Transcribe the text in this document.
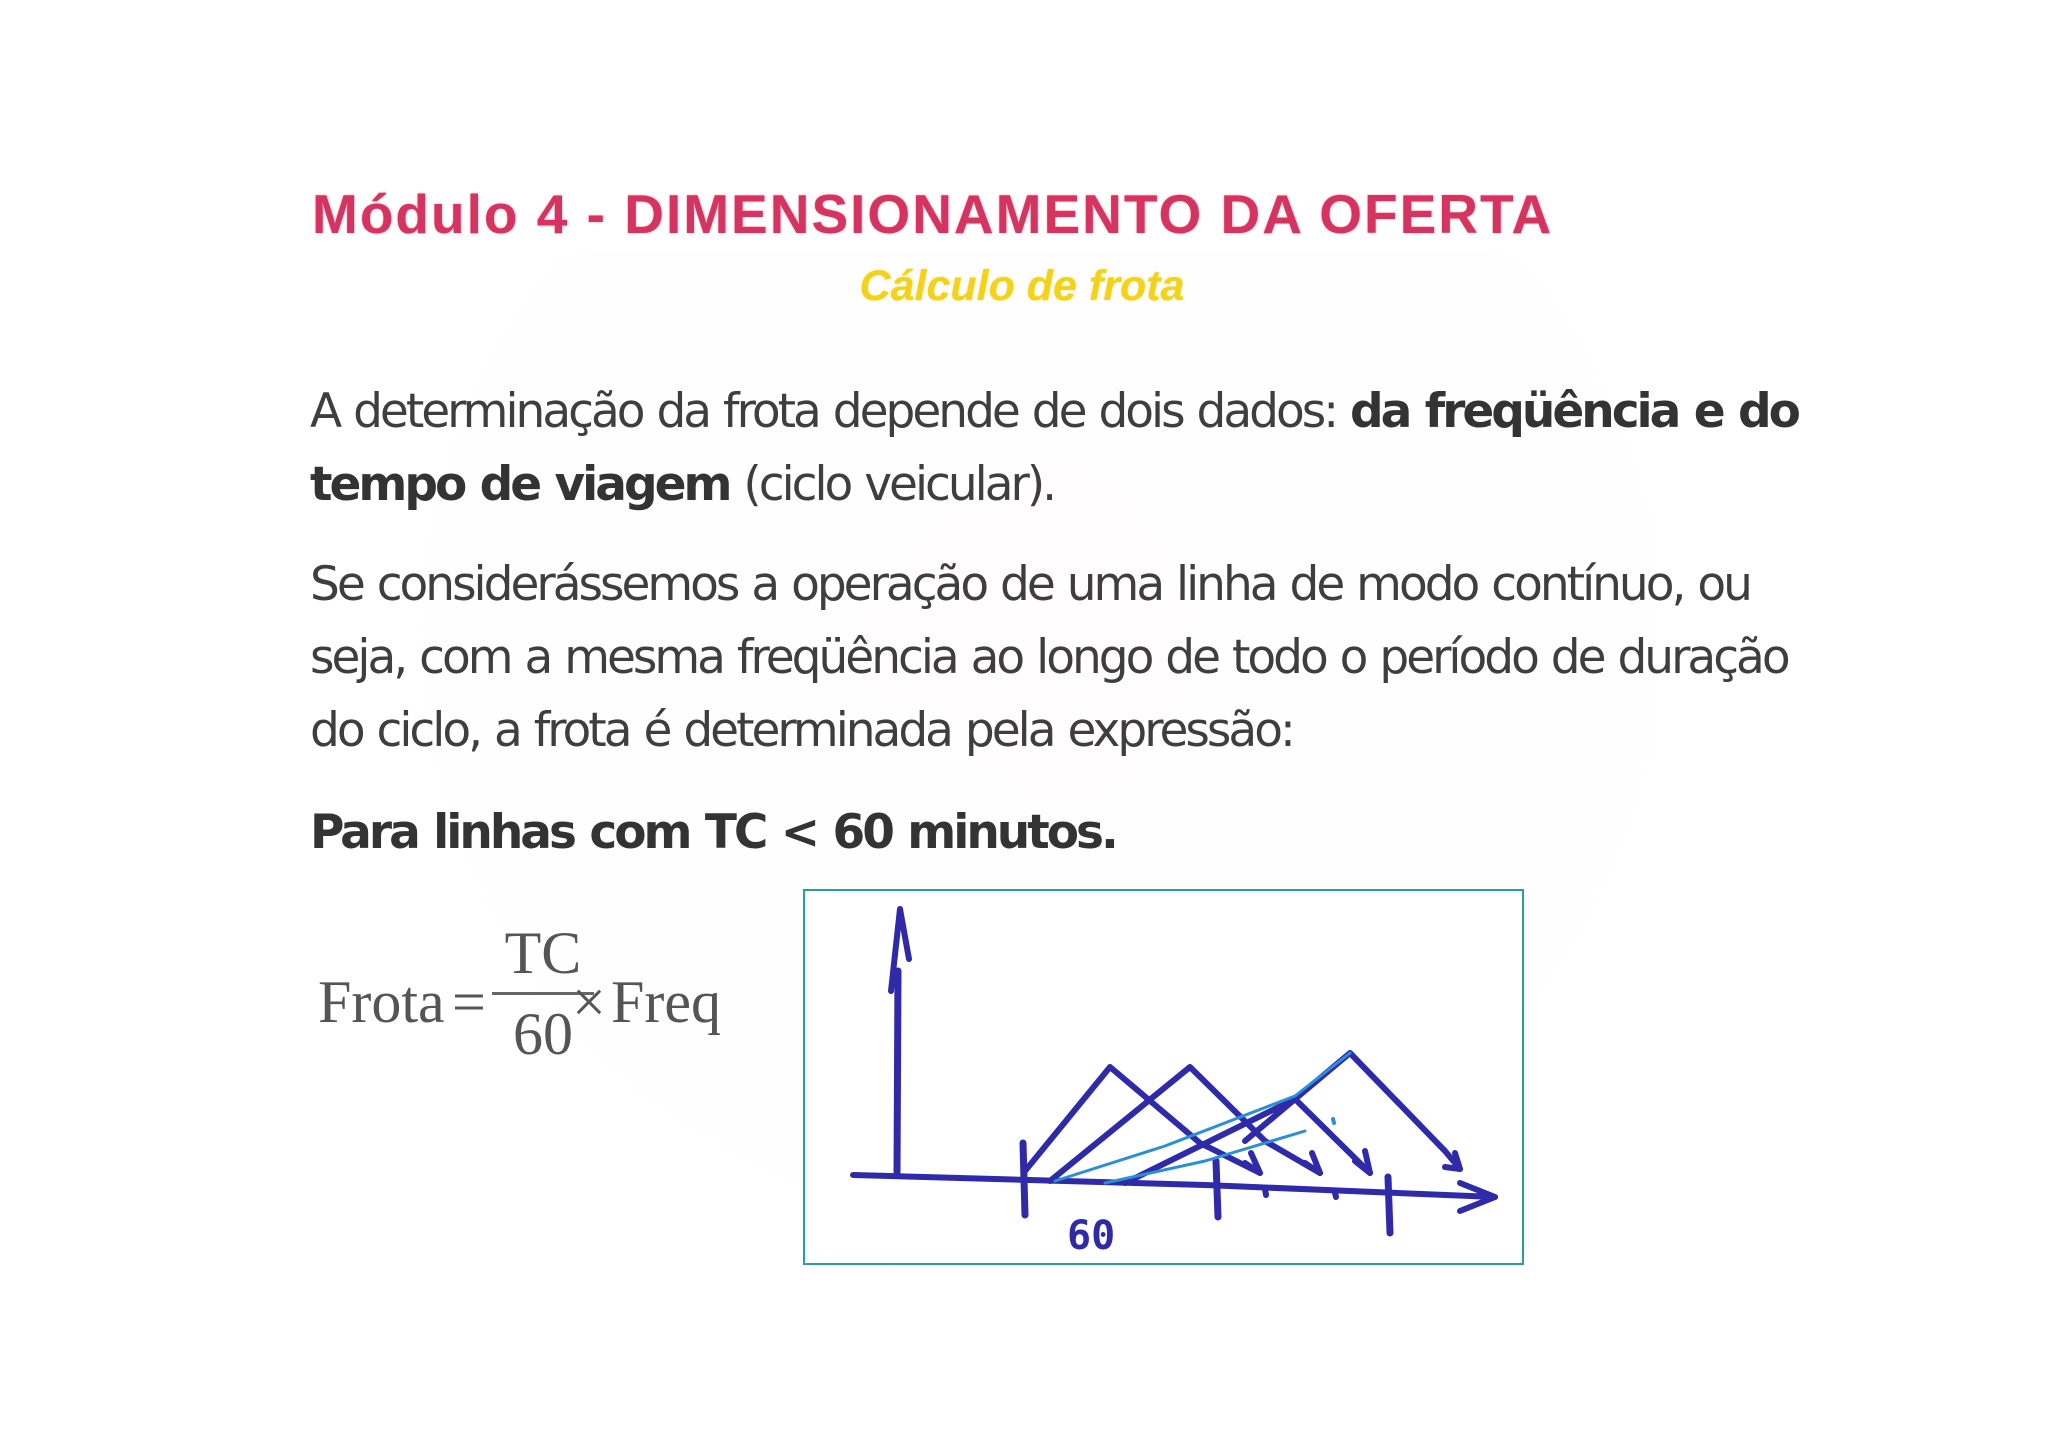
Módulo 4 - DIMENSIONAMENTO DA OFERTA
Cálculo de frota
A determinação da frota depende de dois dados: da freqüência e do
tempo de viagem (ciclo veicular).
Se considerássemos a operação de uma linha de modo contínuo, ou
seja, com a mesma freqüência ao longo de todo o período de duração
do ciclo, a frota é determinada pela expressão:
Para linhas com TC < 60 minutos.
Frota =
TC
60 × Freq
60
